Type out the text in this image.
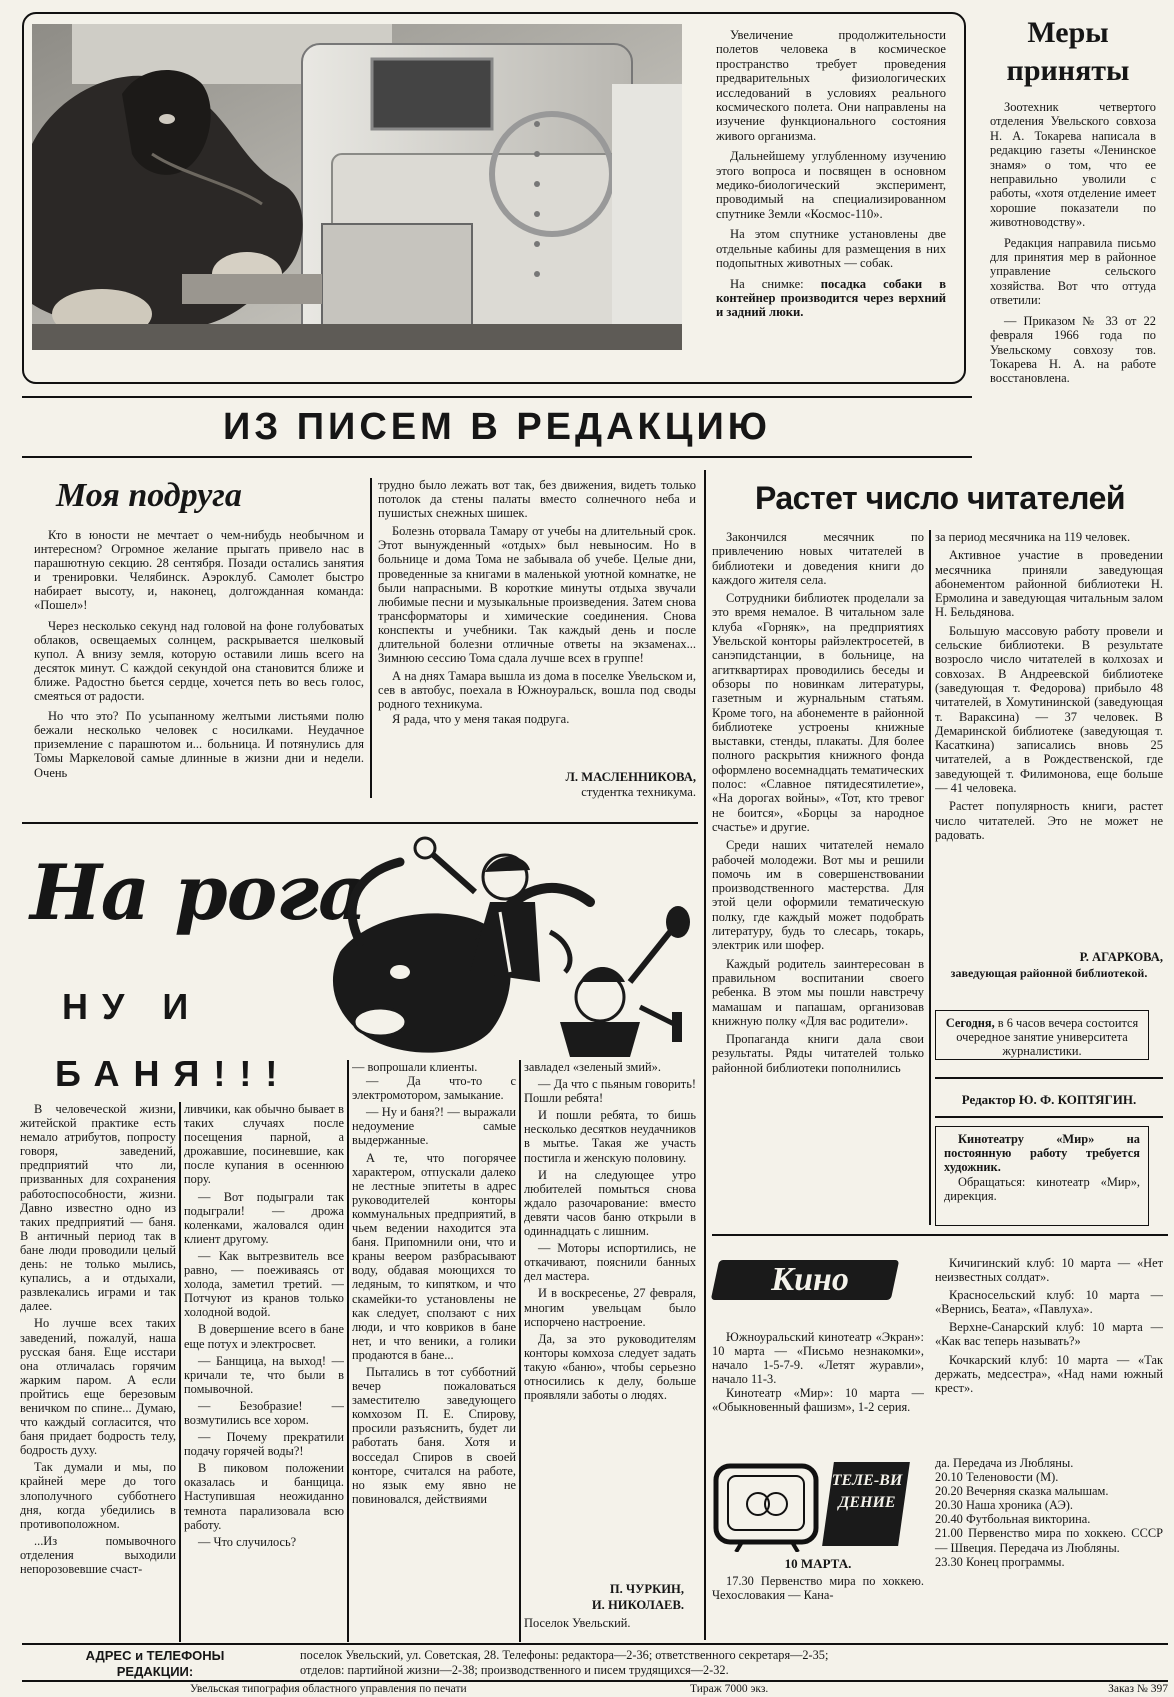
Увеличение продолжительности полетов человека в космическое пространство требует проведения предварительных физиологических исследований в условиях реального космического полета. Они направлены на изучение функционального состояния живого организма.

Дальнейшему углубленному изучению этого вопроса и посвящен в основном медико-биологический эксперимент, проводимый на специализированном спутнике Земли «Космос-110».

На этом спутнике установлены две отдельные кабины для размещения в них подопытных животных — собак.

На снимке: посадка собаки в контейнер производится через верхний и задний люки.

Меры
приняты

Зоотехник четвертого отделения Увельского совхоза Н. А. Токарева написала в редакцию газеты «Ленинское знамя» о том, что ее неправильно уволили с работы, «хотя отделение имеет хорошие показатели по животноводству».

Редакция направила письмо для принятия мер в районное управление сельского хозяйства. Вот что оттуда ответили:

— Приказом № 33 от 22 февраля 1966 года по Увельскому совхозу тов. Токарева Н. А. на работе восстановлена.

ИЗ ПИСЕМ В РЕДАКЦИЮ
Моя подруга

Кто в юности не мечтает о чем-нибудь необычном и интересном? Огромное желание прыгать привело нас в парашютную секцию. 28 сентября. Позади остались занятия и тренировки. Челябинск. Аэроклуб. Самолет быстро набирает высоту, и, наконец, долгожданная команда: «Пошел»!

Через несколько секунд над головой на фоне голубоватых облаков, освещаемых солнцем, раскрывается шелковый купол. А внизу земля, которую оставили лишь всего на десяток минут. С каждой секундой она становится ближе и ближе. Радостно бьется сердце, хочется петь во весь голос, смеяться от радости.

Но что это? По усыпанному желтыми листьями полю бежали несколько человек с носилками. Неудачное приземление с парашютом и... больница. И потянулись для Томы Маркеловой самые длинные в жизни дни и недели. Очень

трудно было лежать вот так, без движения, видеть только потолок да стены палаты вместо солнечного неба и пушистых снежных шишек.

Болезнь оторвала Тамару от учебы на длительный срок. Этот вынужденный «отдых» был невыносим. Но в больнице и дома Тома не забывала об учебе. Целые дни, проведенные за книгами в маленькой уютной комнатке, не были напрасными. В короткие минуты отдыха звучали любимые песни и музыкальные произведения. Затем снова трансформаторы и химические соединения. Снова конспекты и учебники. Так каждый день и после длительной болезни отличные ответы на экзаменах... Зимнюю сессию Тома сдала лучше всех в группе!

А на днях Тамара вышла из дома в поселке Увельском и, сев в автобус, поехала в Южноуральск, вошла под своды родного техникума.

Я рада, что у меня такая подруга.

Л. МАСЛЕННИКОВА,
студентка техникума.
Растет число читателей

Закончился месячник по привлечению новых читателей в библиотеки и доведения книги до каждого жителя села.

Сотрудники библиотек проделали за это время немалое. В читальном зале клуба «Горняк», на предприятиях Увельской конторы райэлектросетей, в санэпидстанции, в больнице, на агитквартирах проводились беседы и обзоры по новинкам литературы, газетным и журнальным статьям. Кроме того, на абонементе в районной библиотеке устроены книжные выставки, стенды, плакаты. Для более полного раскрытия книжного фонда оформлено восемнадцать тематических полос: «Славное пятидесятилетие», «На дорогах войны», «Тот, кто тревог не боится», «Борцы за народное счастье» и другие.

Среди наших читателей немало рабочей молодежи. Вот мы и решили помочь им в совершенствовании производственного мастерства. Для этой цели оформили тематическую полку, где каждый может подобрать литературу, будь то слесарь, токарь, электрик или шофер.

Каждый родитель заинтересован в правильном воспитании своего ребенка. В этом мы пошли навстречу мамашам и папашам, организовав книжную полку «Для вас родители».

Пропаганда книги дала свои результаты. Ряды читателей только районной библиотеки пополнились

за период месячника на 119 человек.

Активное участие в проведении месячника приняли заведующая абонементом районной библиотеки Н. Ермолина и заведующая читальным залом Н. Бельдянова.

Большую массовую работу провели и сельские библиотеки. В результате возросло число читателей в колхозах и совхозах. В Андреевской библиотеке (заведующая т. Федорова) прибыло 48 читателей, в Хомутининской (заведующая т. Вараксина) — 37 человек. В Демаринской библиотеке (заведующая т. Касаткина) записались вновь 25 читателей, а в Рождественской, где заведующей т. Филимонова, еще больше — 41 человека.

Растет популярность книги, растет число читателей. Это не может не радовать.

Р. АГАРКОВА,
заведующая районной библиотекой.
Сегодня, в 6 часов вечера состоится очередное занятие университета журналистики.
Редактор Ю. Ф. КОПТЯГИН.

Кинотеатру «Мир» на постоянную работу требуется художник.

Обращаться: кинотеатр «Мир», дирекция.

На рога
НУ И
БАНЯ!!!

В человеческой жизни, житейской практике есть немало атрибутов, попросту говоря, заведений, предприятий что ли, призванных для сохранения работоспособности, жизни. Давно известно одно из таких предприятий — баня. В античный период так в бане люди проводили целый день: не только мылись, купались, а и отдыхали, развлекались играми и так далее.

Но лучше всех таких заведений, пожалуй, наша русская баня. Еще исстари она отличалась горячим жарким паром. А если пройтись еще березовым веничком по спине... Думаю, что каждый согласится, что баня придает бодрость телу, бодрость духу.

Так думали и мы, по крайней мере до того злополучного субботнего дня, когда убедились в противоположном.

...Из помывочного отделения выходили непорозовевшие счаст-

ливчики, как обычно бывает в таких случаях после посещения парной, а дрожавшие, посиневшие, как после купания в осеннюю пору.

— Вот подыграли так подыграли! — дрожа коленками, жаловался один клиент другому.

— Как вытрезвитель все равно, — поеживаясь от холода, заметил третий. — Потчуют из кранов только холодной водой.

В довершение всего в бане еще потух и электросвет.

— Банщица, на выход! — кричали те, что были в помывочной.

— Безобразие! — возмутились все хором.

— Почему прекратили подачу горячей воды?!

В пиковом положении оказалась и банщица. Наступившая неожиданно темнота парализовала всю работу.

— Что случилось?

— вопрошали клиенты.

— Да что-то с электромотором, замыкание.

— Ну и баня?! — выражали недоумение самые выдержанные.

А те, что погорячее характером, отпускали далеко не лестные эпитеты в адрес руководителей конторы коммунальных предприятий, в чьем ведении находится эта баня. Припомнили они, что и краны веером разбрасывают воду, обдавая моющихся то ледяным, то кипятком, и что скамейки-то установлены не как следует, сползают с них люди, и что ковриков в бане нет, и что веники, а голики продаются в бане...

Пытались в тот субботний вечер пожаловаться заместителю заведующего комхозом П. Е. Спирову, просили разъяснить, будет ли работать баня. Хотя и восседал Спиров в своей конторе, считался на работе, но язык ему явно не повиновался, действиями

завладел «зеленый змий».

— Да что с пьяным говорить! Пошли ребята!

И пошли ребята, то бишь несколько десятков неудачников в мытье. Такая же участь постигла и женскую половину.

И на следующее утро любителей помыться снова ждало разочарование: вместо девяти часов баню открыли в одиннадцать с лишним.

— Моторы испортились, не откачивают, пояснили банных дел мастера.

И в воскресенье, 27 февраля, многим увельцам было испорчено настроение.

Да, за это руководителям конторы комхоза следует задать такую «баню», чтобы серьезно относились к делу, больше проявляли заботы о людях.

П. ЧУРКИН,
И. НИКОЛАЕВ.
Поселок Увельский.
Кино

Южноуральский кинотеатр «Экран»: 10 марта — «Письмо незнакомки», начало 1-5-7-9. «Летят журавли», начало 11-3.

Кинотеатр «Мир»: 10 марта — «Обыкновенный фашизм», 1-2 серия.

Кичигинский клуб: 10 марта — «Нет неизвестных солдат».

Красносельский клуб: 10 марта — «Вернись, Беата», «Павлуха».

Верхне-Санарский клуб: 10 марта — «Как вас теперь называть?»

Кочкарский клуб: 10 марта — «Так держать, медсестра», «Над нами южный крест».

ТЕЛЕ-ВИДЕНИЕ
10 МАРТА.

17.30 Первенство мира по хоккею. Чехословакия — Кана-

да. Передача из Любляны.

20.10 Теленовости (М).

20.20 Вечерняя сказка малышам.

20.30 Наша хроника (АЭ).

20.40 Футбольная викторина.

21.00 Первенство мира по хоккею. СССР — Швеция. Передача из Любляны.

23.30 Конец программы.

АДРЕС и ТЕЛЕФОНЫ
РЕДАКЦИИ:
поселок Увельский, ул. Советская, 28. Телефоны: редактора—2-36; ответственного секретаря—2-35;
отделов: партийной жизни—2-38; производственного и писем трудящихся—2-32.
Увельская типография областного управления по печати	Тираж 7000 экз.	Заказ № 397
